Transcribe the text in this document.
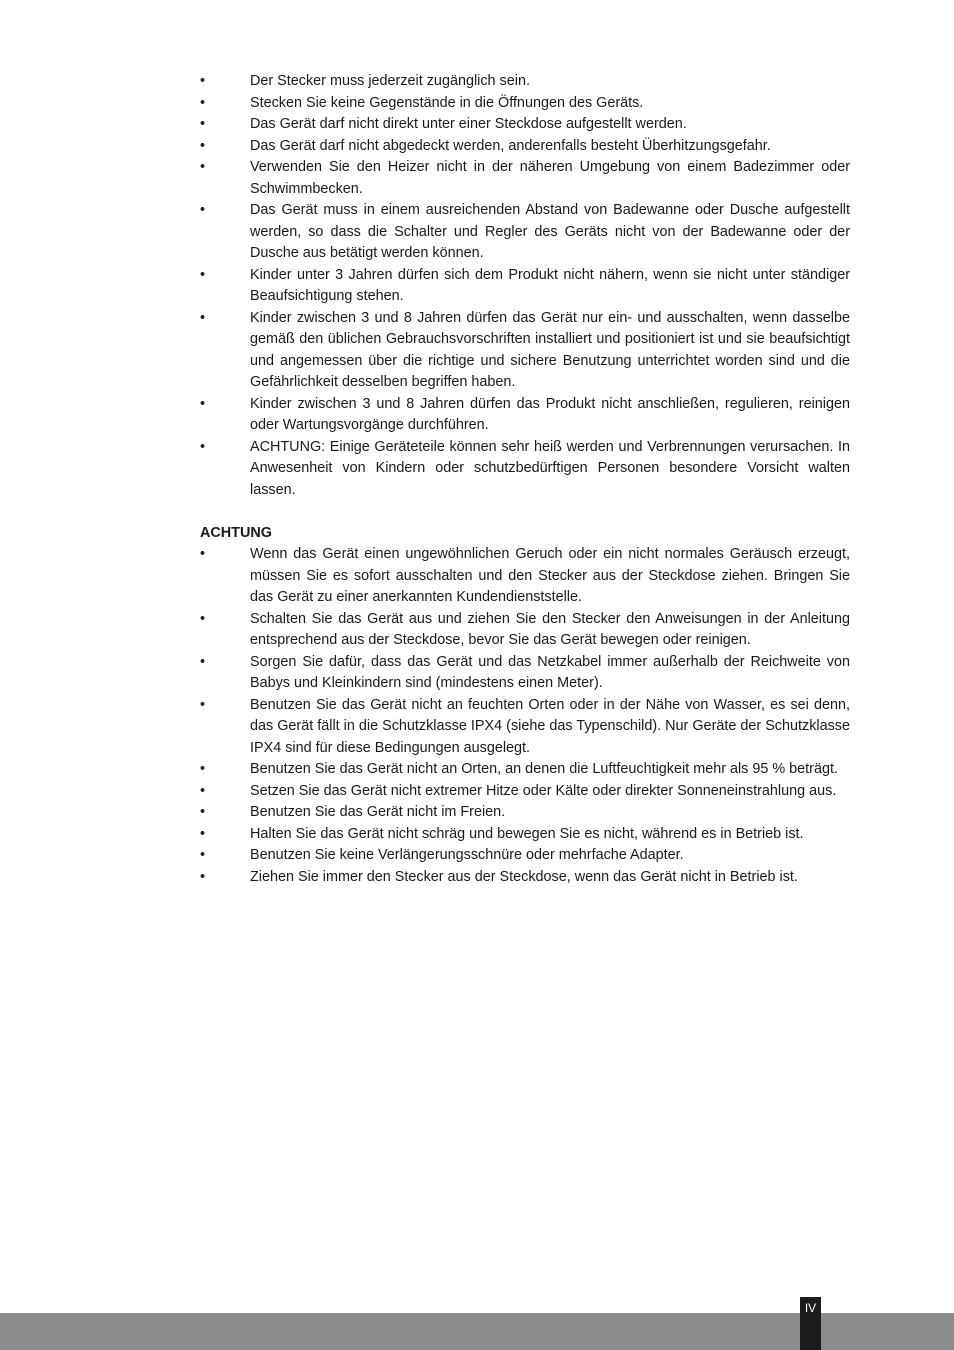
•	Der Stecker muss jederzeit zugänglich sein.
•	Stecken Sie keine Gegenstände in die Öffnungen des Geräts.
•	Das Gerät darf nicht direkt unter einer Steckdose aufgestellt werden.
•	Das Gerät darf nicht abgedeckt werden, anderenfalls besteht Überhitzungsgefahr.
•	Verwenden Sie den Heizer nicht in der näheren Umgebung von einem Badezimmer oder Schwimmbecken.
•	Das Gerät muss in einem ausreichenden Abstand von Badewanne oder Dusche aufgestellt werden, so dass die Schalter und Regler des Geräts nicht von der Badewanne oder der Dusche aus betätigt werden können.
•	Kinder unter 3 Jahren dürfen sich dem Produkt nicht nähern, wenn sie nicht unter ständiger Beaufsichtigung stehen.
•	Kinder zwischen 3 und 8 Jahren dürfen das Gerät nur ein- und ausschalten, wenn dasselbe gemäß den üblichen Gebrauchsvorschriften installiert und positioniert ist und sie beaufsichtigt und angemessen über die richtige und sichere Benutzung unterrichtet worden sind und die Gefährlichkeit desselben begriffen haben.
•	Kinder zwischen 3 und 8 Jahren dürfen das Produkt nicht anschließen, regulieren, reinigen oder Wartungsvorgänge durchführen.
•	ACHTUNG: Einige Geräteteile können sehr heiß werden und Verbrennungen verursachen. In Anwesenheit von Kindern oder schutzbedürftigen Personen besondere Vorsicht walten lassen.
ACHTUNG
•	Wenn das Gerät einen ungewöhnlichen Geruch oder ein nicht normales Geräusch erzeugt, müssen Sie es sofort ausschalten und den Stecker aus der Steckdose ziehen. Bringen Sie das Gerät zu einer anerkannten Kundendienststelle.
•	Schalten Sie das Gerät aus und ziehen Sie den Stecker den Anweisungen in der Anleitung entsprechend aus der Steckdose, bevor Sie das Gerät bewegen oder reinigen.
•	Sorgen Sie dafür, dass das Gerät und das Netzkabel immer außerhalb der Reichweite von Babys und Kleinkindern sind (mindestens einen Meter).
•	Benutzen Sie das Gerät nicht an feuchten Orten oder in der Nähe von Wasser, es sei denn, das Gerät fällt in die Schutzklasse IPX4 (siehe das Typenschild). Nur Geräte der Schutzklasse IPX4 sind für diese Bedingungen ausgelegt.
•	Benutzen Sie das Gerät nicht an Orten, an denen die Luftfeuchtigkeit mehr als 95 % beträgt.
•	Setzen Sie das Gerät nicht extremer Hitze oder Kälte oder direkter Sonneneinstrahlung aus.
•	Benutzen Sie das Gerät nicht im Freien.
•	Halten Sie das Gerät nicht schräg und bewegen Sie es nicht, während es in Betrieb ist.
•	Benutzen Sie keine Verlängerungsschnüre oder mehrfache Adapter.
•	Ziehen Sie immer den Stecker aus der Steckdose, wenn das Gerät nicht in Betrieb ist.
IV
